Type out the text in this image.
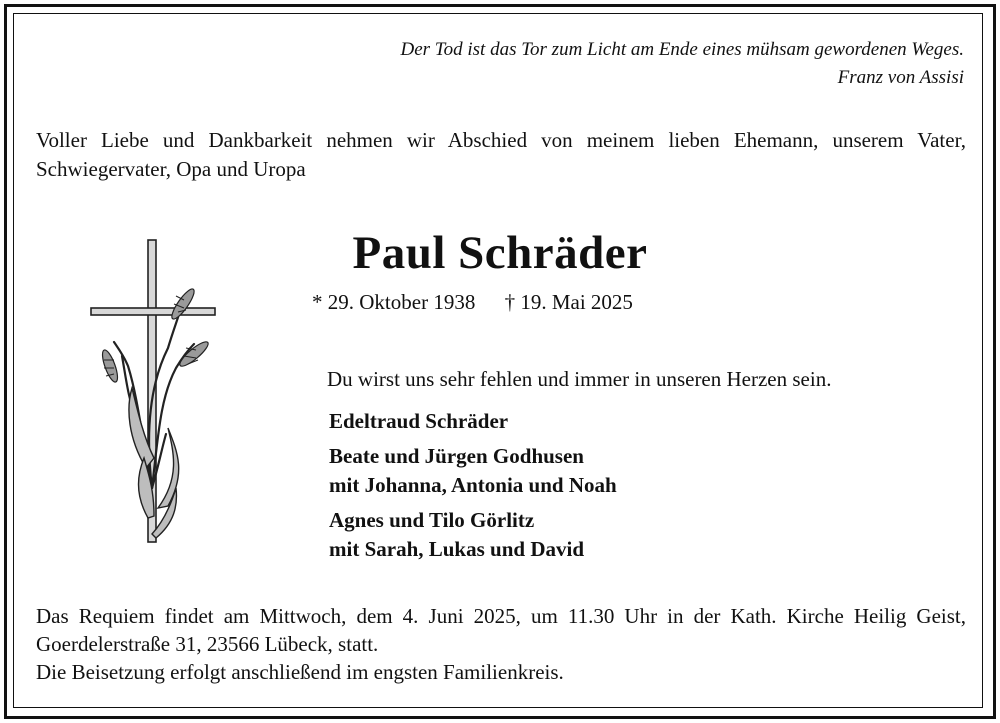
Der Tod ist das Tor zum Licht am Ende eines mühsam gewordenen Weges.
Franz von Assisi
Voller Liebe und Dankbarkeit nehmen wir Abschied von meinem lieben Ehemann, unserem Vater, Schwiegervater, Opa und Uropa
Paul Schräder
* 29. Oktober 1938 † 19. Mai 2025
Du wirst uns sehr fehlen und immer in unseren Herzen sein.
Edeltraud Schräder
Beate und Jürgen Godhusen
mit Johanna, Antonia und Noah
Agnes und Tilo Görlitz
mit Sarah, Lukas und David
Das Requiem findet am Mittwoch, dem 4. Juni 2025, um 11.30 Uhr in der Kath. Kirche Heilig Geist, Goerdelerstraße 31, 23566 Lübeck, statt.
Die Beisetzung erfolgt anschließend im engsten Familienkreis.
